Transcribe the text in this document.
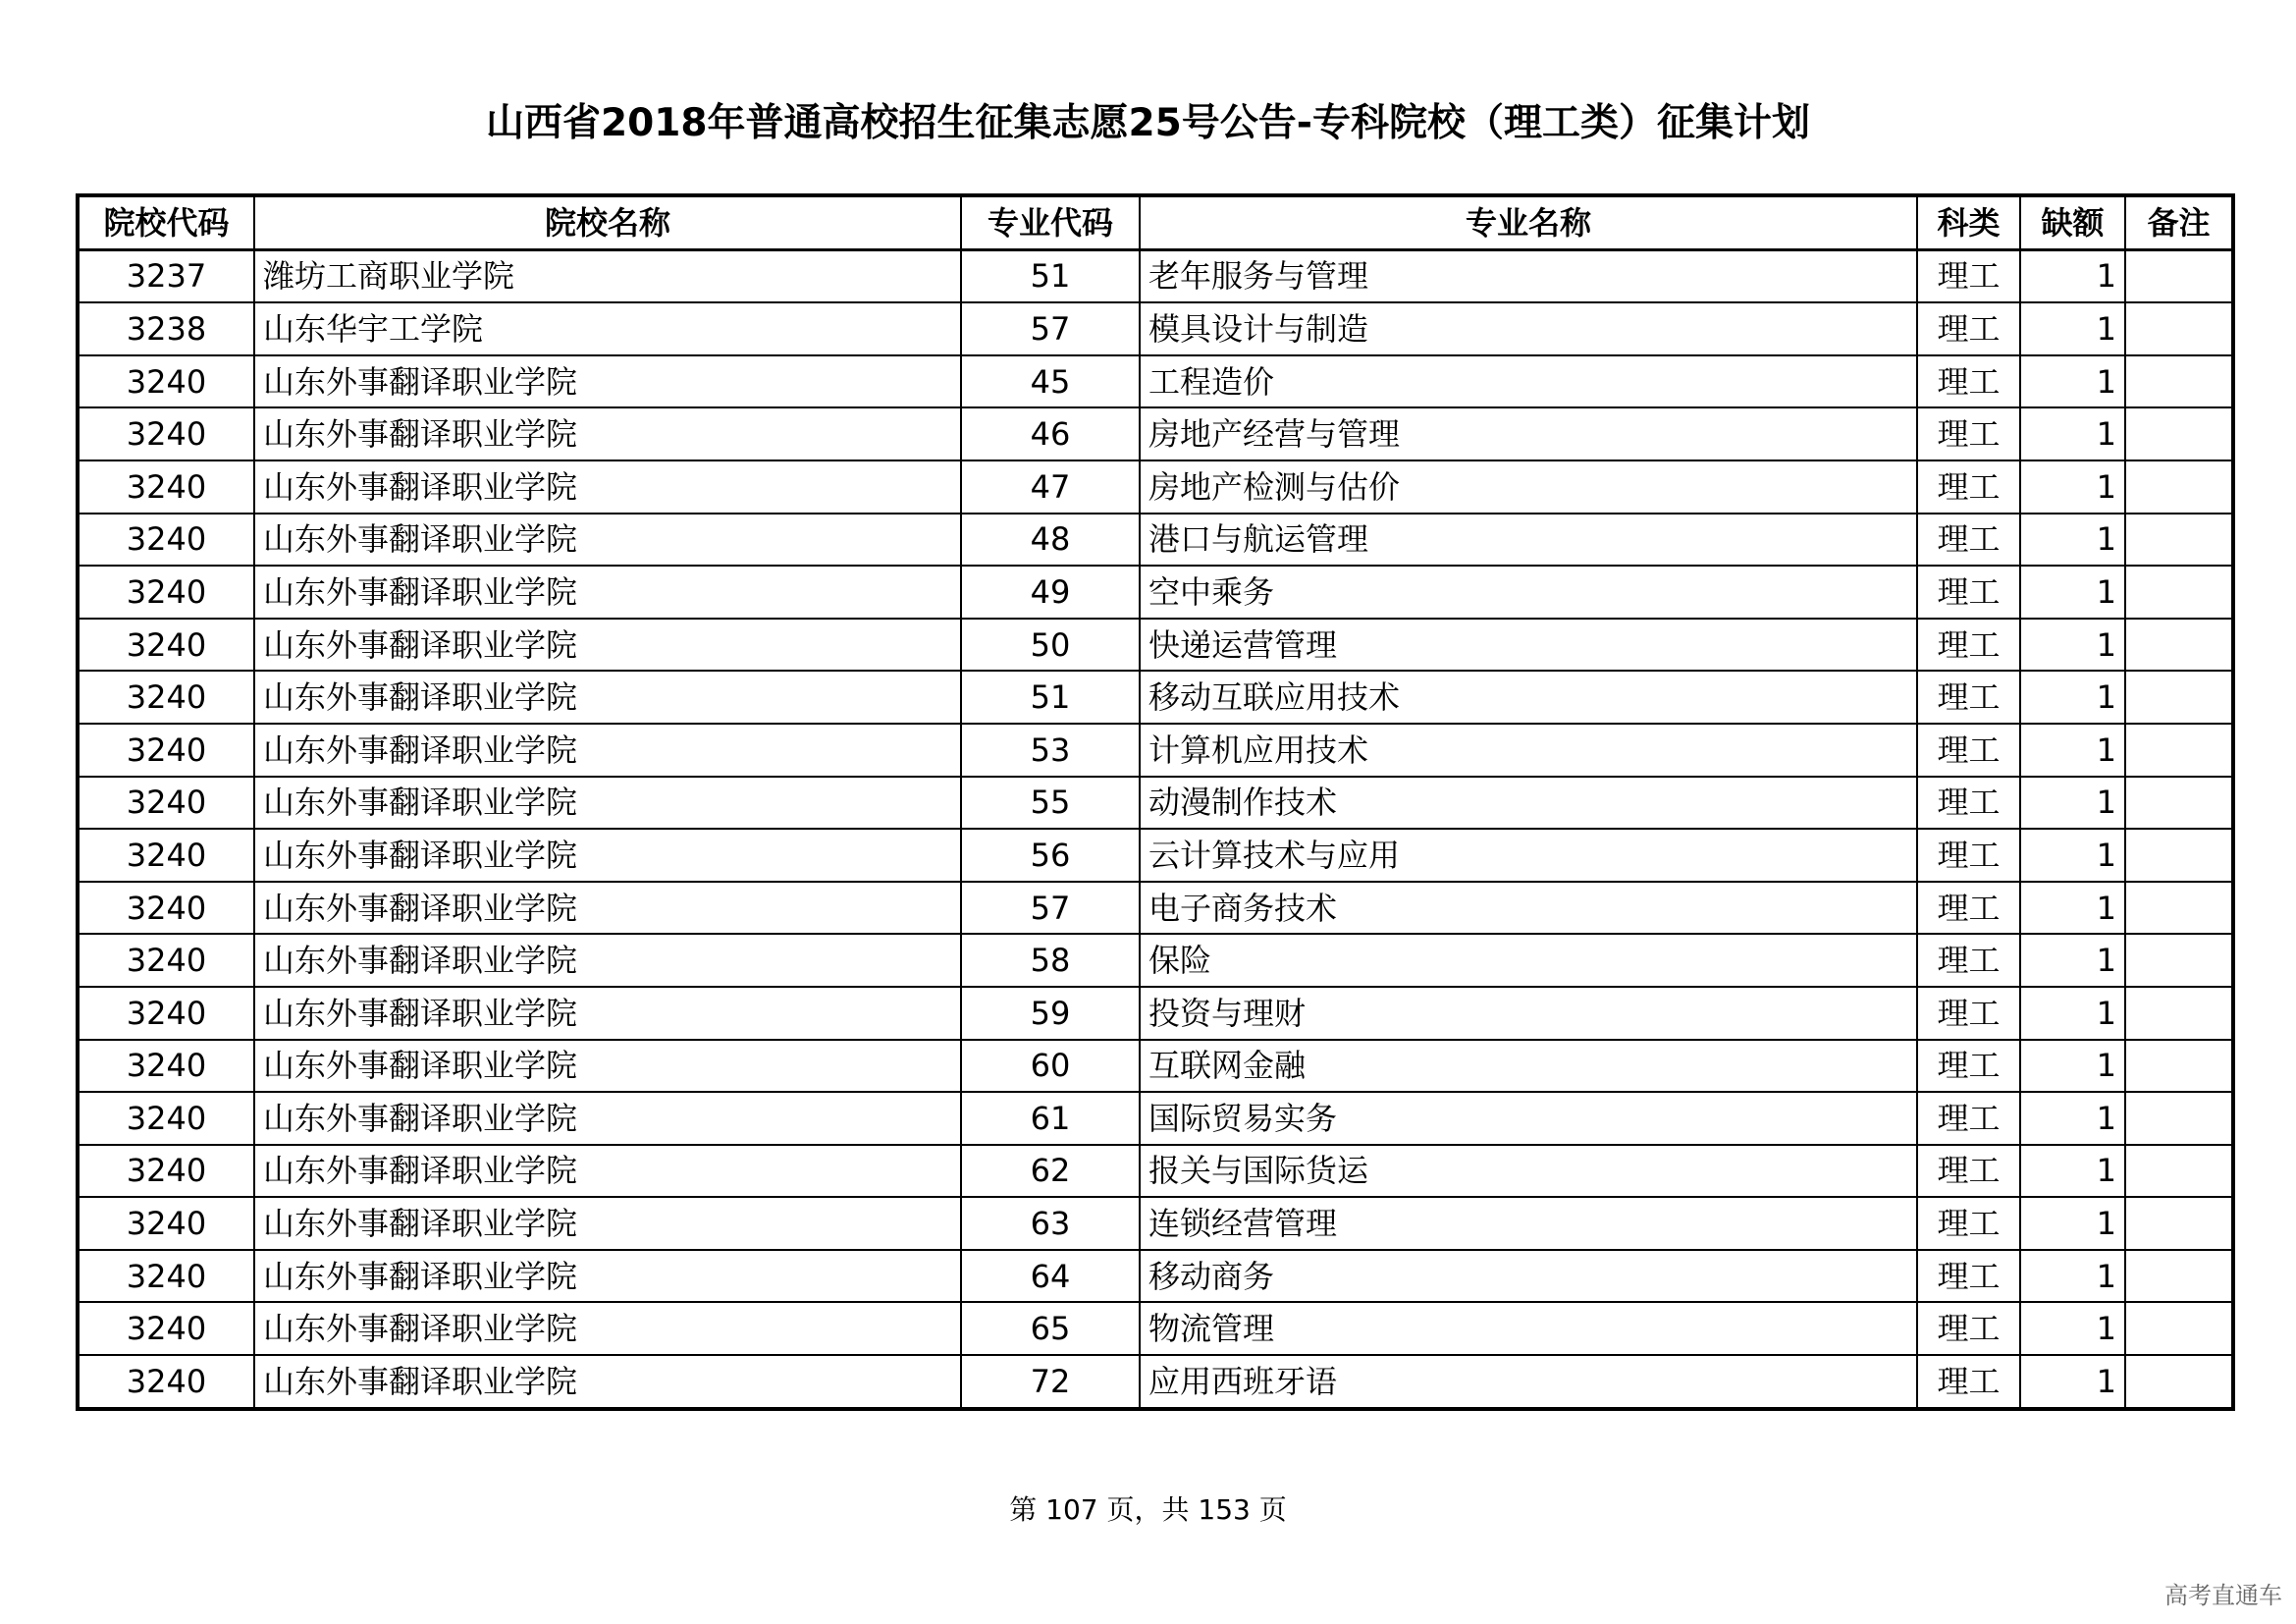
山西省2018年普通高校招生征集志愿25号公告-专科院校（理工类）征集计划
院校代码	院校名称	专业代码	专业名称	科类	缺额	备注
3237	潍坊工商职业学院	51	老年服务与管理	理工	1	
3238	山东华宇工学院	57	模具设计与制造	理工	1	
3240	山东外事翻译职业学院	45	工程造价	理工	1	
3240	山东外事翻译职业学院	46	房地产经营与管理	理工	1	
3240	山东外事翻译职业学院	47	房地产检测与估价	理工	1	
3240	山东外事翻译职业学院	48	港口与航运管理	理工	1	
3240	山东外事翻译职业学院	49	空中乘务	理工	1	
3240	山东外事翻译职业学院	50	快递运营管理	理工	1	
3240	山东外事翻译职业学院	51	移动互联应用技术	理工	1	
3240	山东外事翻译职业学院	53	计算机应用技术	理工	1	
3240	山东外事翻译职业学院	55	动漫制作技术	理工	1	
3240	山东外事翻译职业学院	56	云计算技术与应用	理工	1	
3240	山东外事翻译职业学院	57	电子商务技术	理工	1	
3240	山东外事翻译职业学院	58	保险	理工	1	
3240	山东外事翻译职业学院	59	投资与理财	理工	1	
3240	山东外事翻译职业学院	60	互联网金融	理工	1	
3240	山东外事翻译职业学院	61	国际贸易实务	理工	1	
3240	山东外事翻译职业学院	62	报关与国际货运	理工	1	
3240	山东外事翻译职业学院	63	连锁经营管理	理工	1	
3240	山东外事翻译职业学院	64	移动商务	理工	1	
3240	山东外事翻译职业学院	65	物流管理	理工	1	
3240	山东外事翻译职业学院	72	应用西班牙语	理工	1	
第 107 页，共 153 页
高考直通车
